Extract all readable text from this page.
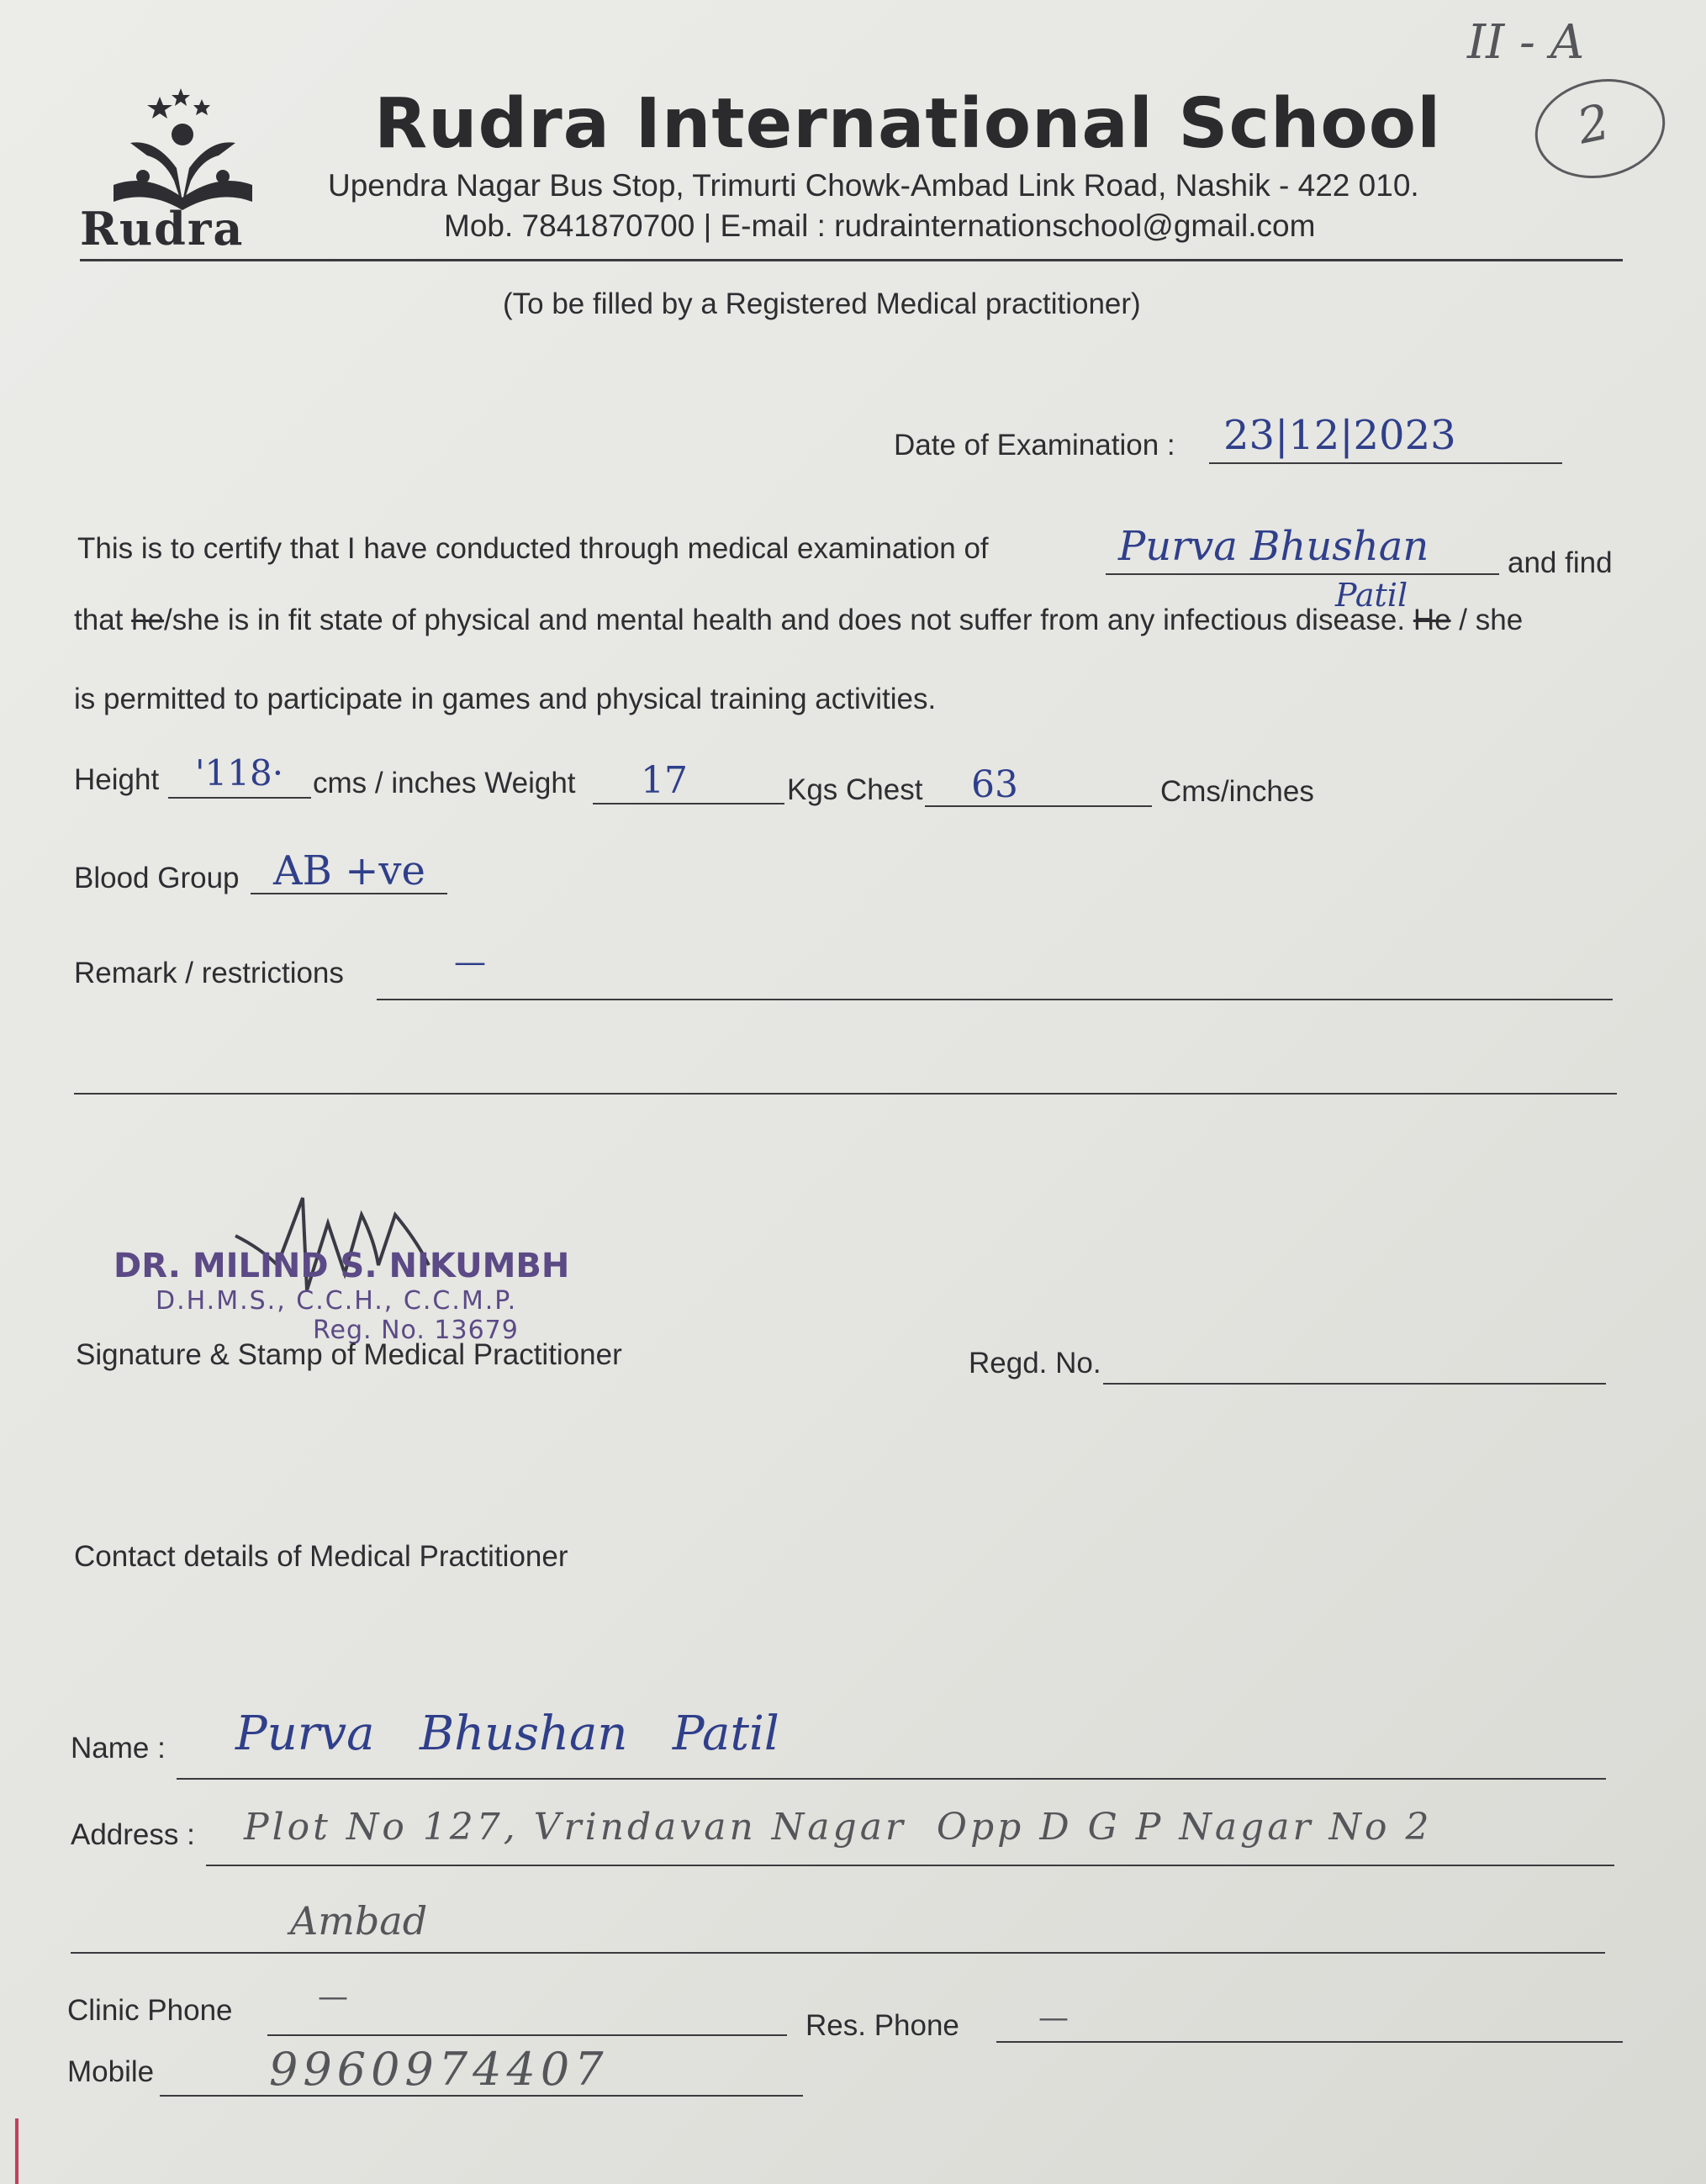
II - A
2
Rudra
Rudra International School
Upendra Nagar Bus Stop, Trimurti Chowk-Ambad Link Road, Nashik - 422 010.
Mob. 7841870700 | E-mail : rudrainternationschool@gmail.com
(To be filled by a Registered Medical practitioner)
Date of Examination : 23|12|2023
This is to certify that I have conducted through medical examination of	Purva Bhushan
Patil
and find
that he/she is in fit state of physical and mental health and does not suffer from any infectious disease. He / she
is permitted to participate in games and physical training activities.
Height '118· cms / inches Weight 17	Kgs Chest 63	Cms/inches
Blood Group AB +ve
Remark / restrictions	—
DR. MILIND S. NIKUMBH
D.H.M.S., C.C.H., C.C.M.P.
Reg. No. 13679
Signature & Stamp of Medical Practitioner	Regd. No.
Contact details of Medical Practitioner
Name : Purva   Bhushan   Patil
Address : Plot No 127, Vrindavan Nagar  Opp D G P Nagar No 2
Ambad
Clinic Phone	—
Res. Phone	—
Mobile	9960974407
